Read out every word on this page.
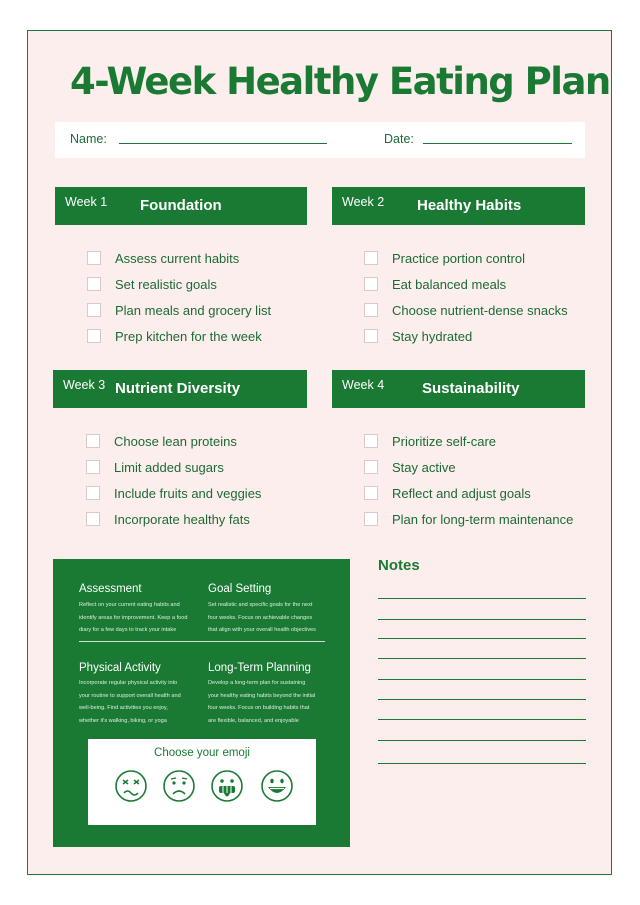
4-Week Healthy Eating Plan
Name:	Date:
Week 1 Foundation
Assess current habits
Set realistic goals
Plan meals and grocery list
Prep kitchen for the week
Week 2 Healthy Habits
Practice portion control
Eat balanced meals
Choose nutrient-dense snacks
Stay hydrated
Week 3 Nutrient Diversity
Choose lean proteins
Limit added sugars
Include fruits and veggies
Incorporate healthy fats
Week 4	Sustainability
Prioritize self-care
Stay active
Reflect and adjust goals
Plan for long-term maintenance
Assessment
Reflect on your current eating habits and
identify areas for improvement. Keep a food
diary for a few days to track your intake
Goal Setting
Set realistic and specific goals for the next
four weeks. Focus on achievable changes
that align with your overall health objectives
Physical Activity
Incorporate regular physical activity into
your routine to support overall health and
well-being. Find activities you enjoy,
whether it's walking, biking, or yoga
Long-Term Planning
Develop a long-term plan for sustaining
your healthy eating habits beyond the initial
four weeks. Focus on building habits that
are flexible, balanced, and enjoyable
Choose your emoji
Notes
